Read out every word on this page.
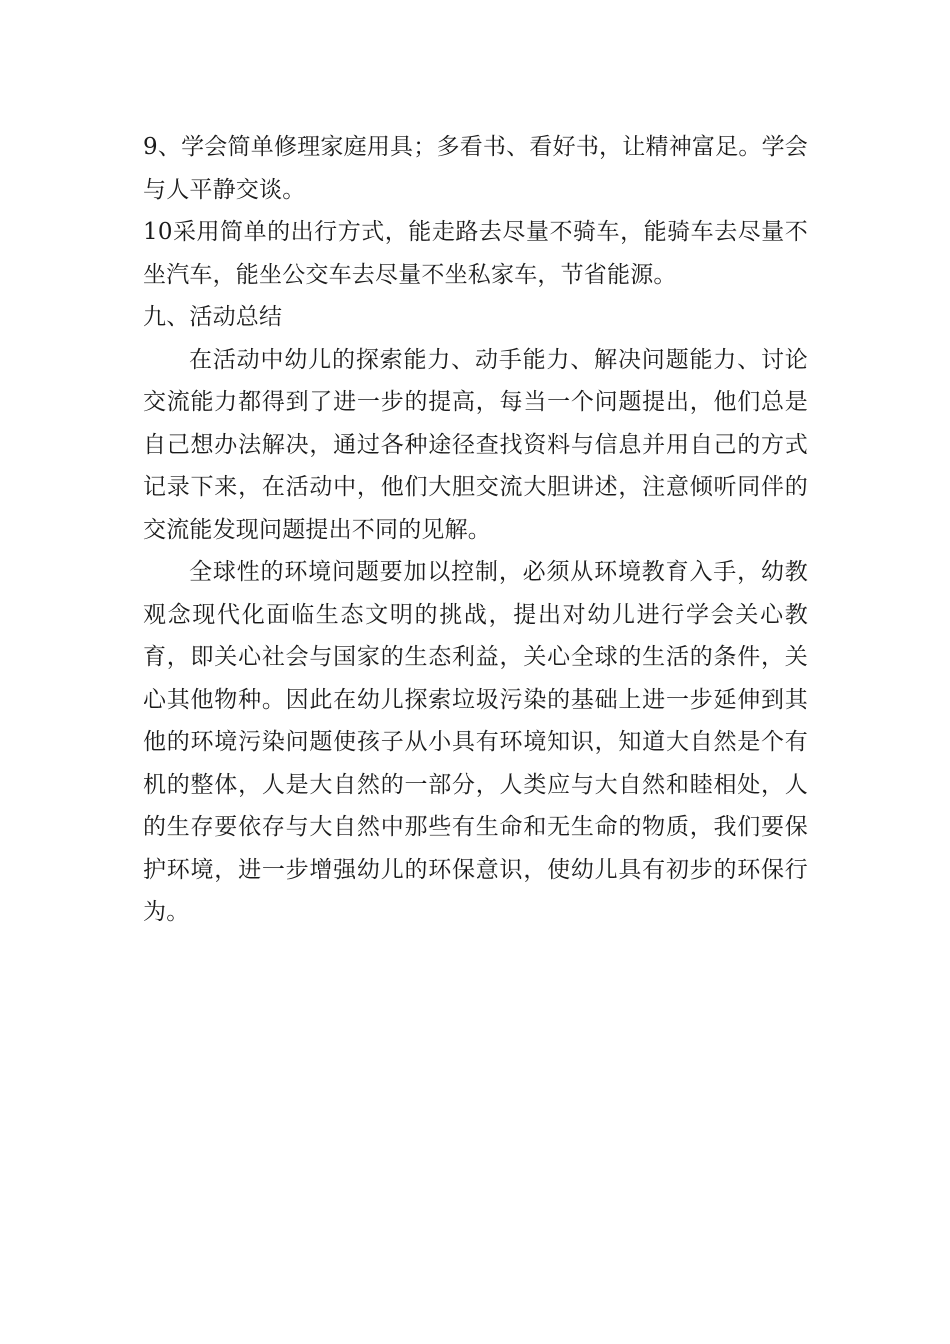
9、学会简单修理家庭用具；多看书、看好书，让精神富足。学会与人平静交谈。

10采用简单的出行方式，能走路去尽量不骑车，能骑车去尽量不坐汽车，能坐公交车去尽量不坐私家车，节省能源。

九、活动总结

在活动中幼儿的探索能力、动手能力、解决问题能力、讨论交流能力都得到了进一步的提高，每当一个问题提出，他们总是自己想办法解决，通过各种途径查找资料与信息并用自己的方式记录下来，在活动中，他们大胆交流大胆讲述，注意倾听同伴的交流能发现问题提出不同的见解。

全球性的环境问题要加以控制，必须从环境教育入手，幼教观念现代化面临生态文明的挑战，提出对幼儿进行学会关心教育，即关心社会与国家的生态利益，关心全球的生活的条件，关心其他物种。因此在幼儿探索垃圾污染的基础上进一步延伸到其他的环境污染问题使孩子从小具有环境知识，知道大自然是个有机的整体，人是大自然的一部分，人类应与大自然和睦相处，人的生存要依存与大自然中那些有生命和无生命的物质，我们要保护环境，进一步增强幼儿的环保意识，使幼儿具有初步的环保行为。
